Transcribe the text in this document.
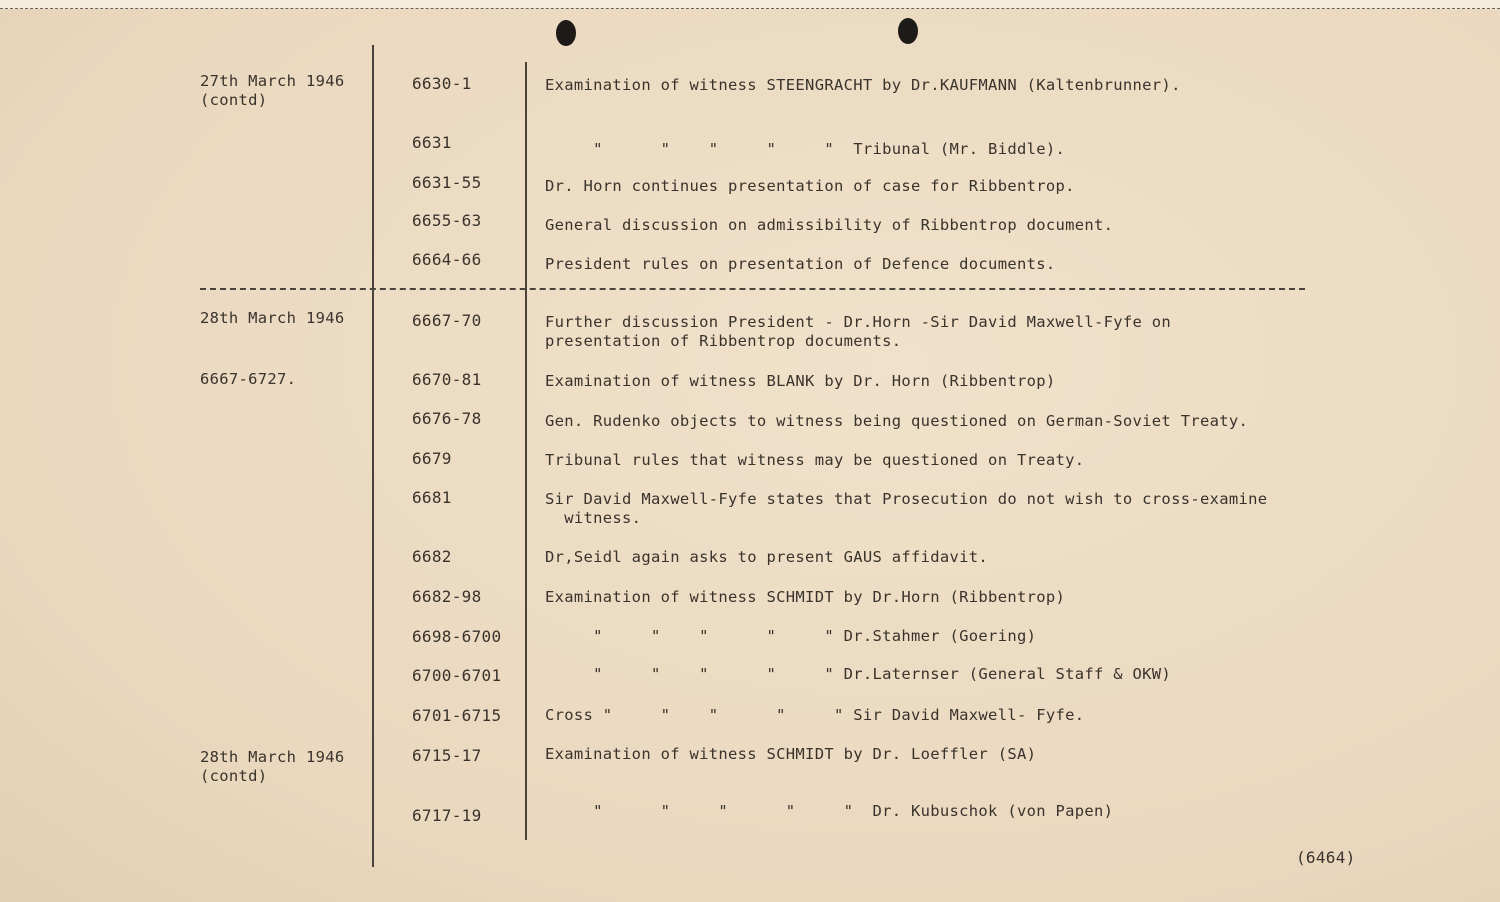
27th March 1946
(contd)
6630-1	Examination of witness STEENGRACHT by Dr.KAUFMANN (Kaltenbrunner).
6631	"      "    "     "     "  Tribunal (Mr. Biddle).
6631-55	Dr. Horn continues presentation of case for Ribbentrop.
6655-63	General discussion on admissibility of Ribbentrop document.
6664-66	President rules on presentation of Defence documents.
28th March 1946	6667-70	Further discussion President - Dr.Horn -Sir David Maxwell-Fyfe on
presentation of Ribbentrop documents.
6667-6727.	6670-81	Examination of witness BLANK by Dr. Horn (Ribbentrop)
6676-78	Gen. Rudenko objects to witness being questioned on German-Soviet Treaty.
6679	Tribunal rules that witness may be questioned on Treaty.
6681	Sir David Maxwell-Fyfe states that Prosecution do not wish to cross-examine
witness.
6682	Dr,Seidl again asks to present GAUS affidavit.
6682-98	Examination of witness SCHMIDT by Dr.Horn (Ribbentrop)
6698-6700	"     "    "      "     " Dr.Stahmer (Goering)
6700-6701	"     "    "      "     " Dr.Laternser (General Staff & OKW)
6701-6715	Cross "     "    "      "     " Sir David Maxwell- Fyfe.
28th March 1946
(contd)
6715-17	Examination of witness SCHMIDT by Dr. Loeffler (SA)
6717-19	"      "     "      "     "  Dr. Kubuschok (von Papen)
(6464)
